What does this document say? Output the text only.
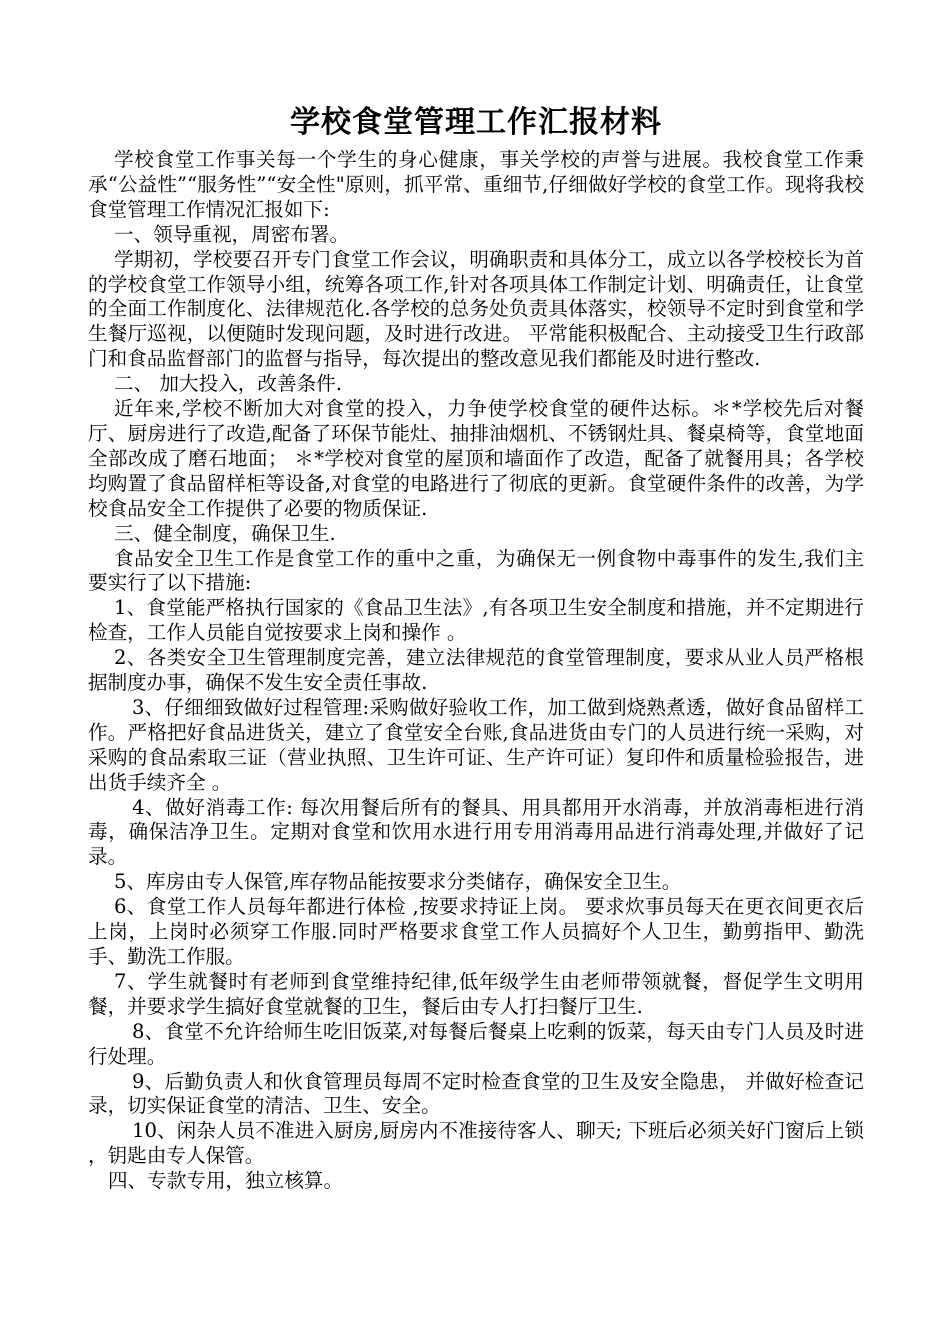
学校食堂管理工作汇报材料

学校食堂工作事关每一个学生的身心健康，事关学校的声誉与进展。我校食堂工作秉承“公益性”“服务性”“安全性"原则，抓平常、重细节,仔细做好学校的食堂工作。现将我校食堂管理工作情况汇报如下:

一、领导重视，周密布署。

学期初，学校要召开专门食堂工作会议，明确职责和具体分工，成立以各学校校长为首的学校食堂工作领导小组，统筹各项工作,针对各项具体工作制定计划、明确责任，让食堂的全面工作制度化、法律规范化.各学校的总务处负责具体落实，校领导不定时到食堂和学生餐厅巡视，以便随时发现问题，及时进行改进。 平常能积极配合、主动接受卫生行政部门和食品监督部门的监督与指导，每次提出的整改意见我们都能及时进行整改.

二、 加大投入，改善条件.

近年来,学校不断加大对食堂的投入，力争使学校食堂的硬件达标。＊*学校先后对餐厅、厨房进行了改造,配备了环保节能灶、抽排油烟机、不锈钢灶具、餐桌椅等，食堂地面全部改成了磨石地面； ＊*学校对食堂的屋顶和墙面作了改造，配备了就餐用具；各学校均购置了食品留样柜等设备,对食堂的电路进行了彻底的更新。食堂硬件条件的改善，为学校食品安全工作提供了必要的物质保证.

三、健全制度，确保卫生.

食品安全卫生工作是食堂工作的重中之重，为确保无一例食物中毒事件的发生,我们主要实行了以下措施:

1、食堂能严格执行国家的《食品卫生法》,有各项卫生安全制度和措施，并不定期进行检查，工作人员能自觉按要求上岗和操作 。

2、各类安全卫生管理制度完善，建立法律规范的食堂管理制度，要求从业人员严格根据制度办事，确保不发生安全责任事故.

3、仔细细致做好过程管理:采购做好验收工作，加工做到烧熟煮透，做好食品留样工作。严格把好食品进货关，建立了食堂安全台账,食品进货由专门的人员进行统一采购，对采购的食品索取三证（营业执照、卫生许可证、生产许可证）复印件和质量检验报告，进出货手续齐全 。

4、做好消毒工作: 每次用餐后所有的餐具、用具都用开水消毒，并放消毒柜进行消毒，确保洁净卫生。定期对食堂和饮用水进行用专用消毒用品进行消毒处理,并做好了记录。

5、库房由专人保管,库存物品能按要求分类储存，确保安全卫生。

6、食堂工作人员每年都进行体检 ,按要求持证上岗。 要求炊事员每天在更衣间更衣后上岗，上岗时必须穿工作服.同时严格要求食堂工作人员搞好个人卫生，勤剪指甲、勤洗手、勤洗工作服。

7、学生就餐时有老师到食堂维持纪律,低年级学生由老师带领就餐，督促学生文明用餐，并要求学生搞好食堂就餐的卫生，餐后由专人打扫餐厅卫生.

8、食堂不允许给师生吃旧饭菜,对每餐后餐桌上吃剩的饭菜，每天由专门人员及时进行处理。

9、后勤负责人和伙食管理员每周不定时检查食堂的卫生及安全隐患， 并做好检查记录，切实保证食堂的清洁、卫生、安全。

10、闲杂人员不准进入厨房,厨房内不准接待客人、聊天; 下班后必须关好门窗后上锁 ，钥匙由专人保管。

四、专款专用，独立核算。
